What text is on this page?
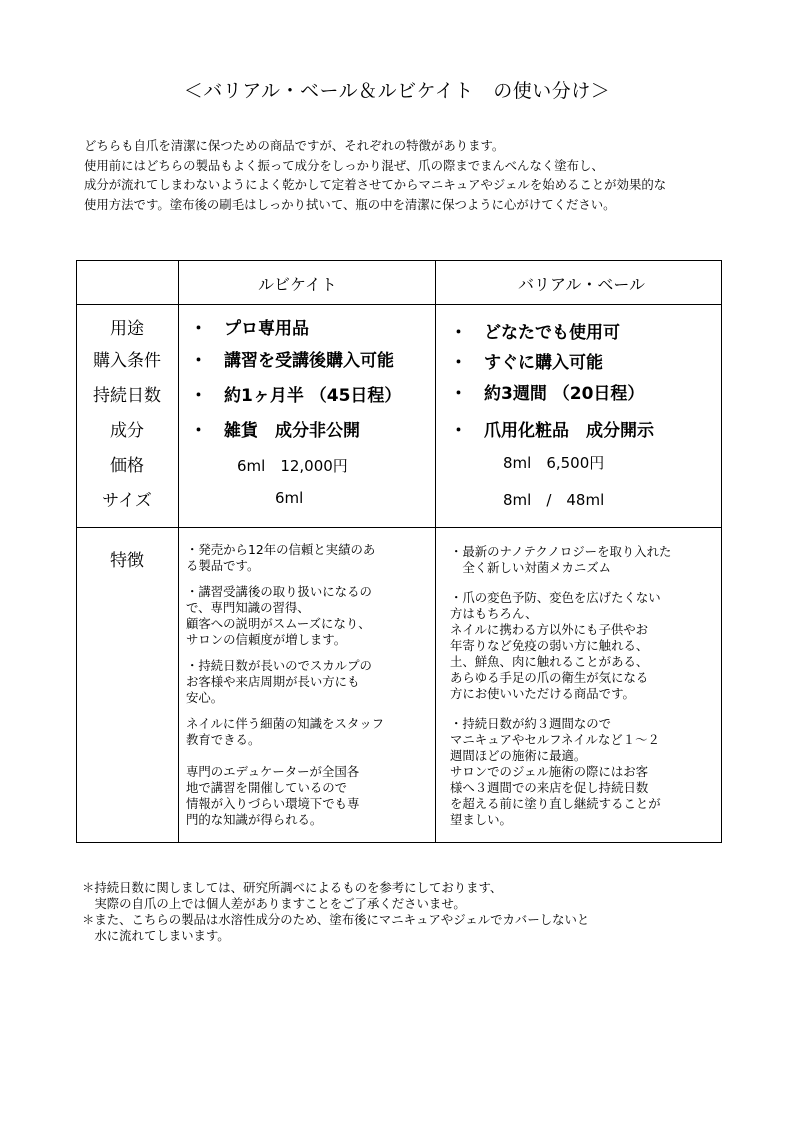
＜バリアル・ベール＆ルビケイト　の使い分け＞
どちらも自爪を清潔に保つための商品ですが、それぞれの特徴があります。
使用前にはどちらの製品もよく振って成分をしっかり混ぜ、爪の際までまんべんなく塗布し、
成分が流れてしまわないようによく乾かして定着させてからマニキュアやジェルを始めることが効果的な
使用方法です。塗布後の刷毛はしっかり拭いて、瓶の中を清潔に保つように心がけてください。
ルビケイト	バリアル・ベール
用途
購入条件
持続日数
成分
価格
サイズ
・　プロ専用品
・　講習を受講後購入可能
・　約1ヶ月半 （45日程）
・　雑貨　成分非公開
6ml　12,000円
6ml
・　どなたでも使用可
・　すぐに購入可能
・　約3週間 （20日程）
・　爪用化粧品　成分開示
8ml　6,500円
8ml　/　48ml
特徴
・発売から12年の信頼と実績のあ
る製品です。
・講習受講後の取り扱いになるの
で、専門知識の習得、
顧客への説明がスムーズになり、
サロンの信頼度が増します。
・持続日数が長いのでスカルプの
お客様や来店周期が長い方にも
安心。
ネイルに伴う細菌の知識をスタッフ
教育できる。
専門のエデュケーターが全国各
地で講習を開催しているので
情報が入りづらい環境下でも専
門的な知識が得られる。
・最新のナノテクノロジーを取り入れた
　全く新しい対菌メカニズム
・爪の変色予防、変色を広げたくない
方はもちろん、
ネイルに携わる方以外にも子供やお
年寄りなど免疫の弱い方に触れる、
土、鮮魚、肉に触れることがある、
あらゆる手足の爪の衛生が気になる
方にお使いいただける商品です。
・持続日数が約３週間なので
マニキュアやセルフネイルなど１～２
週間ほどの施術に最適。
サロンでのジェル施術の際にはお客
様へ３週間での来店を促し持続日数
を超える前に塗り直し継続することが
望ましい。
＊持続日数に関しましては、研究所調べによるものを参考にしております、
　実際の自爪の上では個人差がありますことをご了承くださいませ。
＊また、こちらの製品は水溶性成分のため、塗布後にマニキュアやジェルでカバーしないと
　水に流れてしまいます。
